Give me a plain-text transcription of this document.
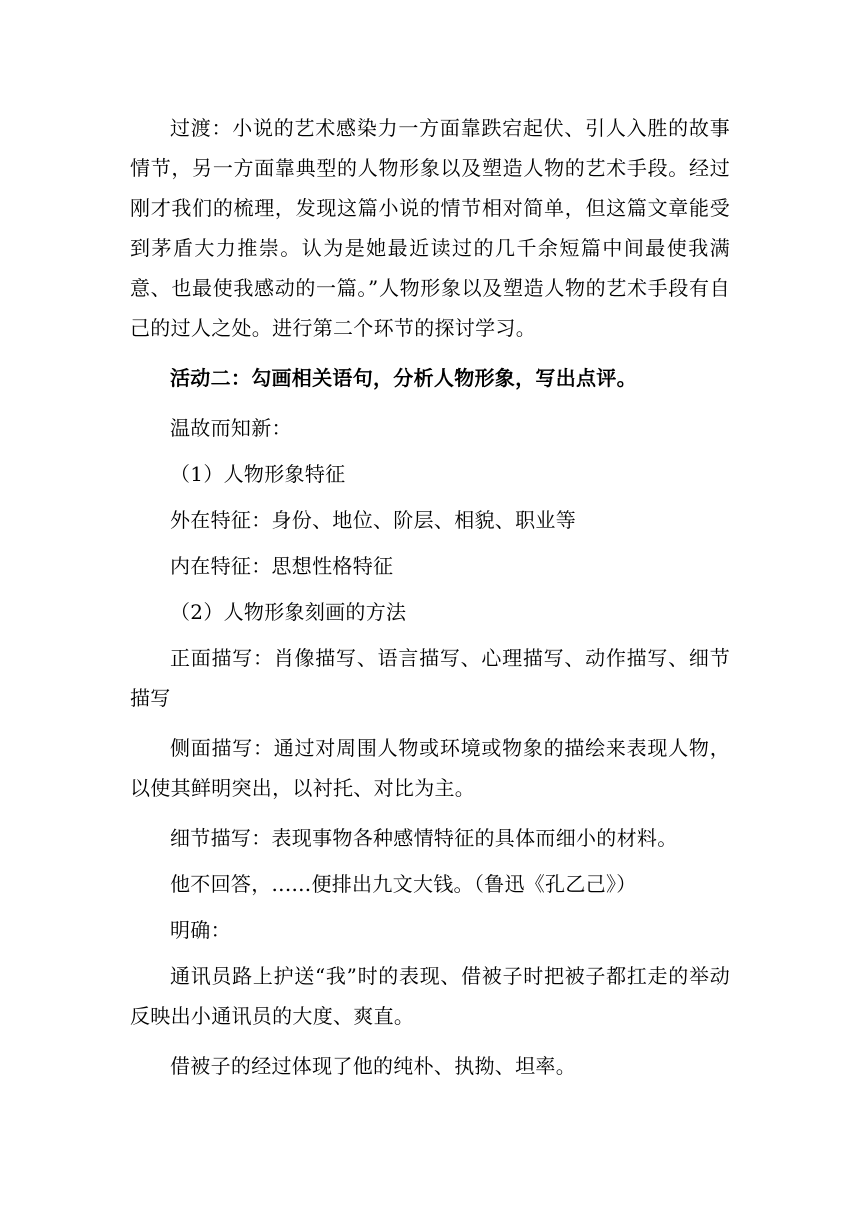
过渡：小说的艺术感染力一方面靠跌宕起伏、引人入胜的故事情节，另一方面靠典型的人物形象以及塑造人物的艺术手段。经过刚才我们的梳理，发现这篇小说的情节相对简单，但这篇文章能受到茅盾大力推崇。认为是她最近读过的几千余短篇中间最使我满意、也最使我感动的一篇。”人物形象以及塑造人物的艺术手段有自己的过人之处。进行第二个环节的探讨学习。

活动二：勾画相关语句，分析人物形象，写出点评。

温故而知新：

（1）人物形象特征

外在特征：身份、地位、阶层、相貌、职业等

内在特征：思想性格特征

（2）人物形象刻画的方法

正面描写：肖像描写、语言描写、心理描写、动作描写、细节描写

侧面描写：通过对周围人物或环境或物象的描绘来表现人物，以使其鲜明突出，以衬托、对比为主。

细节描写：表现事物各种感情特征的具体而细小的材料。

他不回答，......便排出九文大钱。（鲁迅《孔乙己》）

明确：

通讯员路上护送“我”时的表现、借被子时把被子都扛走的举动反映出小通讯员的大度、爽直。

借被子的经过体现了他的纯朴、执拗、坦率。
